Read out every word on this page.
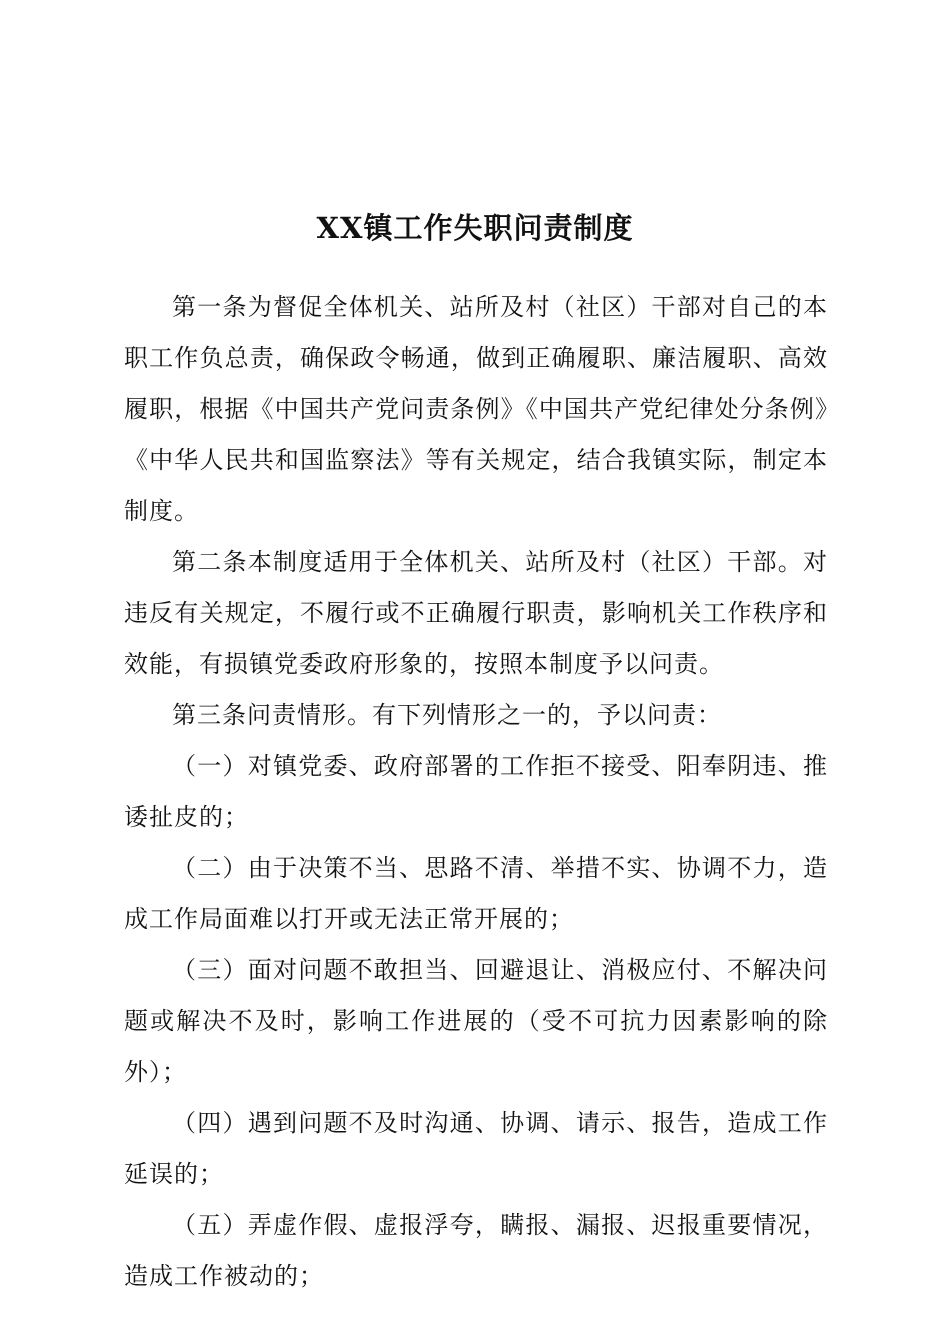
XX镇工作失职问责制度

第一条为督促全体机关、站所及村（社区）干部对自己的本职工作负总责，确保政令畅通，做到正确履职、廉洁履职、高效履职，根据《中国共产党问责条例》《中国共产党纪律处分条例》《中华人民共和国监察法》等有关规定，结合我镇实际，制定本制度。

第二条本制度适用于全体机关、站所及村（社区）干部。对违反有关规定，不履行或不正确履行职责，影响机关工作秩序和效能，有损镇党委政府形象的，按照本制度予以问责。

第三条问责情形。有下列情形之一的，予以问责：

（一）对镇党委、政府部署的工作拒不接受、阳奉阴违、推诿扯皮的；

（二）由于决策不当、思路不清、举措不实、协调不力，造成工作局面难以打开或无法正常开展的；

（三）面对问题不敢担当、回避退让、消极应付、不解决问题或解决不及时，影响工作进展的（受不可抗力因素影响的除外）；

（四）遇到问题不及时沟通、协调、请示、报告，造成工作延误的；

（五）弄虚作假、虚报浮夸，瞒报、漏报、迟报重要情况，造成工作被动的；
